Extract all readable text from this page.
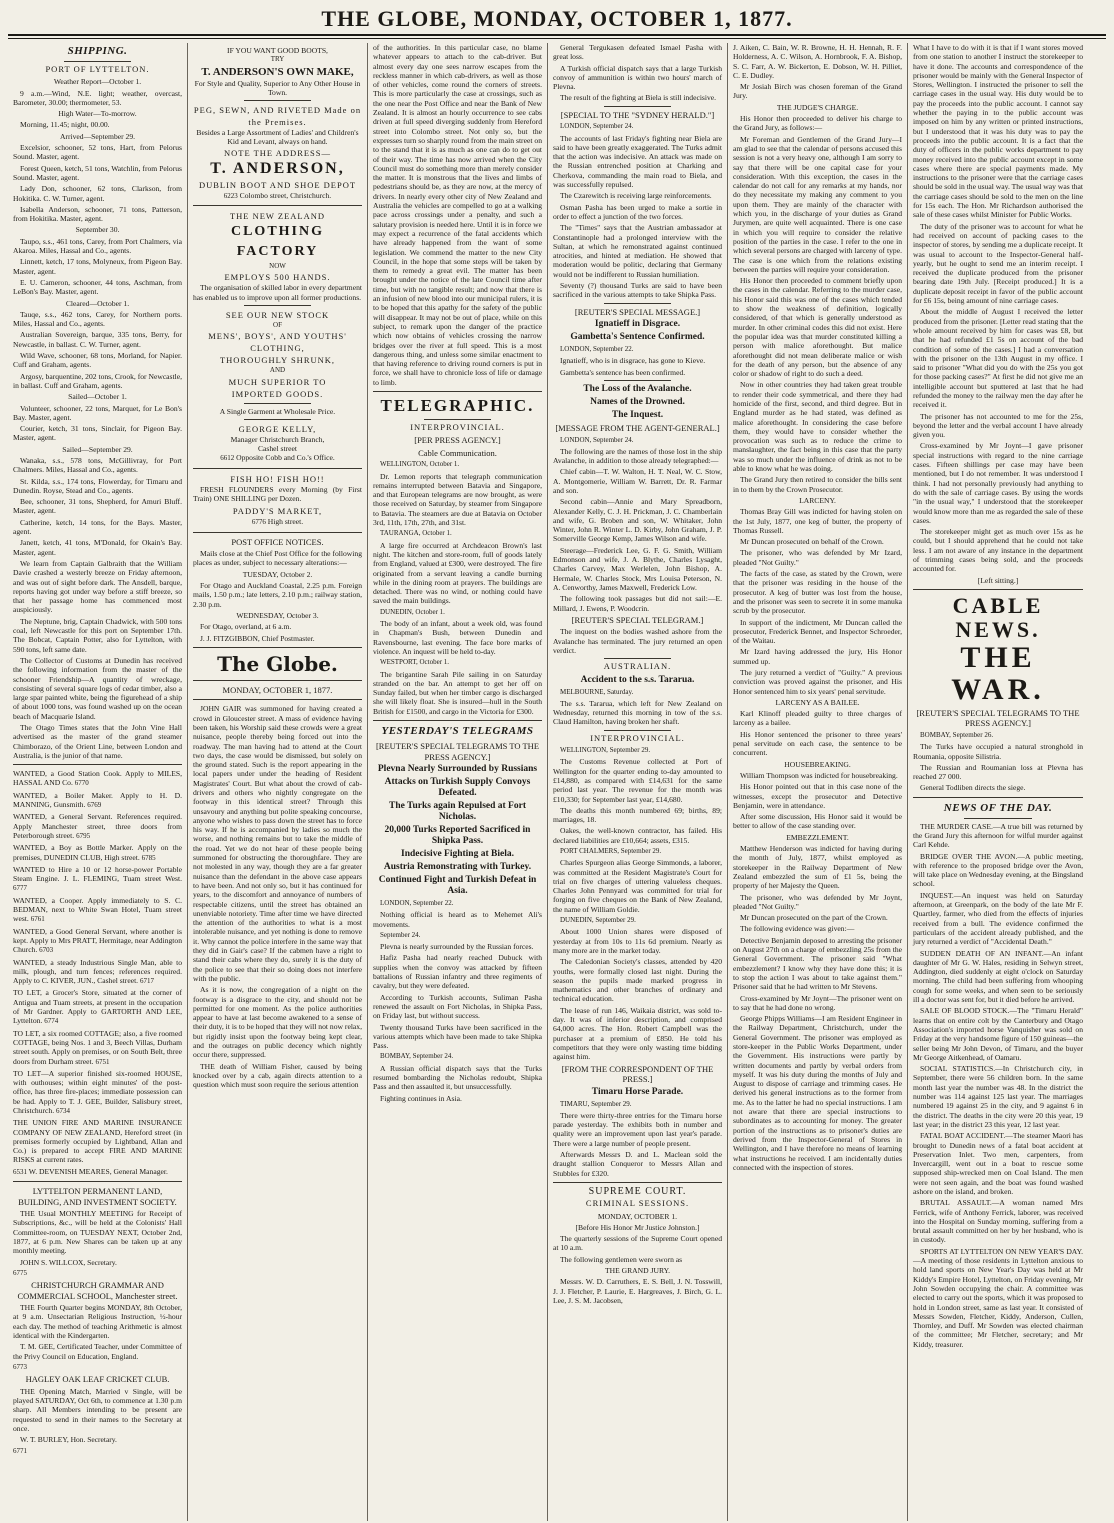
THE GLOBE, MONDAY, OCTOBER 1, 1877.
SHIPPING.
PORT OF LYTTELTON.

Weather Report—October 1.

9 a.m.—Wind, N.E. light; weather, overcast, Barometer, 30.00; thermometer, 53.

High Water—To-morrow.

Morning, 11.45; night, 00.00.

Arrived—September 29.

Excelsior, schooner, 52 tons, Hart, from Pelorus Sound. Master, agent.

Forest Queen, ketch, 51 tons, Watchlin, from Pelorus Sound. Master, agent.

Lady Don, schooner, 62 tons, Clarkson, from Hokitika. C. W. Turner, agent.

Isabella Anderson, schooner, 71 tons, Patterson, from Hokitika. Master, agent.

September 30.

Taupo, s.s., 461 tons, Carey, from Port Chalmers, via Akaroa. Miles, Hassal and Co., agents.

Linnett, ketch, 17 tons, Molyneux, from Pigeon Bay. Master, agent.

E. U. Cameron, schooner, 44 tons, Aschman, from LeBon's Bay. Master, agent.

Cleared—October 1.

Tauqe, s.s., 462 tons, Carey, for Northern ports. Miles, Hassal and Co., agents.

Australian Sovereign, barque, 335 tons, Berry, for Newcastle, in ballast. C. W. Turner, agent.

Wild Wave, schooner, 68 tons, Morland, for Napier. Cuff and Graham, agents.

Argosy, barquentine, 202 tons, Crook, for Newcastle, in ballast. Cuff and Graham, agents.

Sailed—October 1.

Volunteer, schooner, 22 tons, Marquet, for Le Bon's Bay. Master, agent.

Courier, ketch, 31 tons, Sinclair, for Pigeon Bay. Master, agent.

Sailed—September 29.

Wanaka, s.s., 578 tons, McGillivray, for Port Chalmers. Miles, Hassal and Co., agents.

St. Kilda, s.s., 174 tons, Flowerday, for Timaru and Dunedin. Royse, Stead and Co., agents.

Bee, schooner, 31 tons, Shepherd, for Amuri Bluff. Master, agent.

Catherine, ketch, 14 tons, for the Bays. Master, agent.

Janett, ketch, 41 tons, M'Donald, for Okain's Bay. Master, agent.

We learn from Captain Galbraith that the William Davie crashed a westerly breeze on Friday afternoon, and was out of sight before dark. The Ansdell, barque, reports having got under way before a stiff breeze, so that her passage home has commenced most auspiciously.

The Neptune, brig, Captain Chadwick, with 500 tons coal, left Newcastle for this port on September 17th. The Bobcat, Captain Potter, also for Lyttelton, with 590 tons, left same date.

The Collector of Customs at Dunedin has received the following information from the master of the schooner Friendship—A quantity of wreckage, consisting of several square logs of cedar timber, also a large spar painted white, being the figurehead of a ship of about 1000 tons, was found washed up on the ocean beach of Macquarie Island.

The Otago Times states that the John Vine Hall advertised as the master of the grand steamer Chimborazo, of the Orient Line, between London and Australia, is the junior of that name.

WANTED, a Good Station Cook. Apply to MILES, HASSAL AND Co. 6770

WANTED, a Boiler Maker. Apply to H. D. MANNING, Gunsmith. 6769

WANTED, a General Servant. References required. Apply Manchester street, three doors from Peterborough street. 6795

WANTED, a Boy as Bottle Marker. Apply on the premises, DUNEDIN CLUB, High street. 6785

WANTED to Hire a 10 or 12 horse-power Portable Steam Engine. J. L. FLEMING, Tuam street West. 6777

WANTED, a Cooper. Apply immediately to S. C. BEDMAN, next to White Swan Hotel, Tuam street west. 6761

WANTED, a Good General Servant, where another is kept. Apply to Mrs PRATT, Hermitage, near Addington Church. 6703

WANTED, a steady Industrious Single Man, able to milk, plough, and turn fences; references required. Apply to C. KIVER, JUN., Cashel street. 6717

TO LET, a Grocer's Store, situated at the corner of Antigua and Tuam streets, at present in the occupation of Mr Gardner. Apply to GARTORTH AND LEE, Lyttelton. 6774

TO LET, a six roomed COTTAGE; also, a five roomed COTTAGE, being Nos. 1 and 3, Beech Villas, Durham street south. Apply on premises, or on South Belt, three doors from Durham street. 6751

TO LET—A superior finished six-roomed HOUSE, with outhouses; within eight minutes' of the post-office, has three fire-places; immediate possession can be had. Apply to T. J. GEE, Builder, Salisbury street, Christchurch. 6734

THE UNION FIRE AND MARINE INSURANCE COMPANY OF NEW ZEALAND, Hereford street (in premises formerly occupied by Lightband, Allan and Co.) is prepared to accept FIRE AND MARINE RISKS at current rates.

6531 W. DEVENISH MEARES, General Manager.

LYTTELTON PERMANENT LAND, BUILDING, AND INVESTMENT SOCIETY.

THE Usual MONTHLY MEETING for Receipt of Subscriptions, &c., will be held at the Colonists' Hall Committee-room, on TUESDAY NEXT, October 2nd, 1877, at 6 p.m. New Shares can be taken up at any monthly meeting.

JOHN S. WILLCOX, Secretary.

6775

CHRISTCHURCH GRAMMAR AND COMMERCIAL SCHOOL, Manchester street.

THE Fourth Quarter begins MONDAY, 8th October, at 9 a.m. Unsectarian Religious Instruction, ½-hour each day. The method of teaching Arithmetic is almost identical with the Kindergarten.

T. M. GEE, Certificated Teacher, under Committee of the Privy Council on Education, England.

6773

HAGLEY OAK LEAF CRICKET CLUB.

THE Opening Match, Married v Single, will be played SATURDAY, Oct 6th, to commence at 1.30 p.m sharp. All Members intending to be present are requested to send in their names to the Secretary at once.

W. T. BURLEY, Hon. Secretary.

6771

IF YOU WANT GOOD BOOTS,
TRY
T. ANDERSON'S OWN MAKE,
For Style and Quality, Superior to Any Other House in Town.
PEG, SEWN, AND RIVETED Made on the Premises.
Besides a Large Assortment of Ladies' and Children's Kid and Levant, always on hand.
NOTE THE ADDRESS—
T. ANDERSON,
DUBLIN BOOT AND SHOE DEPOT
6223 Colombo street, Christchurch.
THE NEW ZEALAND
CLOTHING FACTORY
NOW
EMPLOYS 500 HANDS.

The organisation of skilled labor in every department has enabled us to improve upon all former productions.

SEE OUR NEW STOCK
OF
MENS', BOYS', AND YOUTHS'
CLOTHING,
THOROUGHLY SHRUNK,
AND
MUCH SUPERIOR TO
IMPORTED GOODS.
A Single Garment at Wholesale Price.
GEORGE KELLY,
Manager Christchurch Branch,
Cashel street
6612 Opposite Cobb and Co.'s Office.
FISH HO! FISH HO!!

FRESH FLOUNDERS every Morning (by First Train) ONE SHILLING per Dozen.

PADDY'S MARKET,
6776 High street.
POST OFFICE NOTICES.

Mails close at the Chief Post Office for the following places as under, subject to necessary alterations:—

TUESDAY, October 2.

For Otago and Auckland Coastal, 2.25 p.m. Foreign mails, 1.50 p.m.; late letters, 2.10 p.m.; railway station, 2.30 p.m.

WEDNESDAY, October 3.

For Otago, overland, at 6 a.m.

J. J. FITZGIBBON, Chief Postmaster.

The Globe.
MONDAY, OCTOBER 1, 1877.

JOHN GAIR was summoned for having created a crowd in Gloucester street. A mass of evidence having been taken, his Worship said these crowds were a great nuisance, people thereby being forced out into the roadway. The man having had to attend at the Court two days, the case would be dismissed, but solely on the ground stated. Such is the report appearing in the local papers under under the heading of Resident Magistrates' Court. But what about the crowd of cab-drivers and others who nightly congregate on the footway in this identical street? Through this unsavoury and anything but polite speaking concourse, anyone who wishes to pass down the street has to force his way. If he is accompanied by ladies so much the worse, and nothing remains but to take the middle of the road. Yet we do not hear of these people being summoned for obstructing the thoroughfare. They are not molested in any way, though they are a far greater nuisance than the defendant in the above case appears to have been. And not only so, but it has continued for years, to the discomfort and annoyance of numbers of respectable citizens, until the street has obtained an unenviable notoriety. Time after time we have directed the attention of the authorities to what is a most intolerable nuisance, and yet nothing is done to remove it. Why cannot the police interfere in the same way that they did in Gair's case? If the cabmen have a right to stand their cabs where they do, surely it is the duty of the police to see that their so doing does not interfere with the public.

As it is now, the congregation of a night on the footway is a disgrace to the city, and should not be permitted for one moment. As the police authorities appear to have at last become awakened to a sense of their duty, it is to be hoped that they will not now relax, but rigidly insist upon the footway being kept clear, and the outrages on public decency which nightly occur there, suppressed.

THE death of William Fisher, caused by being knocked over by a cab, again directs attention to a question which must soon require the serious attention

of the authorities. In this particular case, no blame whatever appears to attach to the cab-driver. But almost every day one sees narrow escapes from the reckless manner in which cab-drivers, as well as those of other vehicles, come round the corners of streets. This is more particularly the case at crossings, such as the one near the Post Office and near the Bank of New Zealand. It is almost an hourly occurrence to see cabs driven at full speed diverging suddenly from Hereford street into Colombo street. Not only so, but the expresses turn so sharply round from the main street on to the stand that it is as much as one can do to get out of their way. The time has now arrived when the City Council must do something more than merely consider the matter. It is monstrous that the lives and limbs of pedestrians should be, as they are now, at the mercy of drivers. In nearly every other city of New Zealand and Australia the vehicles are compelled to go at a walking pace across crossings under a penalty, and such a salutary provision is needed here. Until it is in force we may expect a recurrence of the fatal accidents which have already happened from the want of some legislation. We commend the matter to the new City Council, in the hope that some steps will be taken by them to remedy a great evil. The matter has been brought under the notice of the late Council time after time, but with no tangible result; and now that there is an infusion of new blood into our municipal rulers, it is to be hoped that this apathy for the safety of the public will disappear. It may not be out of place, while on this subject, to remark upon the danger of the practice which now obtains of vehicles crossing the narrow bridges over the river at full speed. This is a most dangerous thing, and unless some similar enactment to that having reference to driving round corners is put in force, we shall have to chronicle loss of life or damage to limb.

TELEGRAPHIC.
INTERPROVINCIAL.
[PER PRESS AGENCY.]
Cable Communication.

WELLINGTON, October 1.

Dr. Lemon reports that telegraph communication remains interrupted between Batavia and Singapore, and that European telegrams are now brought, as were those received on Saturday, by steamer from Singapore to Batavia. The steamers are due at Batavia on October 3rd, 11th, 17th, 27th, and 31st.

TAURANGA, October 1.

A large fire occurred at Archdeacon Brown's last night. The kitchen and store-room, full of goods lately from England, valued at £300, were destroyed. The fire originated from a servant leaving a candle burning while in the dining room at prayers. The buildings are detached. There was no wind, or nothing could have saved the main buildings.

DUNEDIN, October 1.

The body of an infant, about a week old, was found in Chapman's Bush, between Dunedin and Ravensbourne, last evening. The face bore marks of violence. An inquest will be held to-day.

WESTPORT, October 1.

The brigantine Sarah Pile sailing in on Saturday stranded on the bar. An attempt to get her off on Sunday failed, but when her timber cargo is discharged she will likely float. She is insured—hull in the South British for £1500, and cargo in the Victoria for £300.

YESTERDAY'S TELEGRAMS
[REUTER'S SPECIAL TELEGRAMS TO THE PRESS AGENCY.]
Plevna Nearly Surrounded by Russians
Attacks on Turkish Supply Convoys Defeated.
The Turks again Repulsed at Fort Nicholas.
20,000 Turks Reported Sacrificed in Shipka Pass.
Indecisive Fighting at Biela.
Austria Remonstrating with Turkey.
Continued Fight and Turkish Defeat in Asia.

LONDON, September 22.

Nothing official is heard as to Mehemet Ali's movements.

September 24.

Plevna is nearly surrounded by the Russian forces.

Hafiz Pasha had nearly reached Dubuck with supplies when the convoy was attacked by fifteen battalions of Russian infantry and three regiments of cavalry, but they were defeated.

According to Turkish accounts, Suliman Pasha renewed the assault on Fort Nicholas, in Shipka Pass, on Friday last, but without success.

Twenty thousand Turks have been sacrificed in the various attempts which have been made to take Shipka Pass.

BOMBAY, September 24.

A Russian official dispatch says that the Turks resumed bombarding the Nicholas redoubt, Shipka Pass and then assaulted it, but unsuccessfully.

Fighting continues in Asia.

General Tergukasen defeated Ismael Pasha with great loss.

A Turkish official dispatch says that a large Turkish convoy of ammunition is within two hours' march of Plevna.

The result of the fighting at Biela is still indecisive.

[SPECIAL TO THE "SYDNEY HERALD."]

LONDON, September 24.

The accounts of last Friday's fighting near Biela are said to have been greatly exaggerated. The Turks admit that the action was indecisive. An attack was made on the Russian entrenched position at Charking and Cherkova, commanding the main road to Biela, and was successfully repulsed.

The Czarewitch is receiving large reinforcements.

Osman Pasha has been urged to make a sortie in order to effect a junction of the two forces.

The "Times" says that the Austrian ambassador at Constantinople had a prolonged interview with the Sultan, at which he remonstrated against continued atrocities, and hinted at mediation. He showed that moderation would be politic, declaring that Germany would not be indifferent to Russian humiliation.

Seventy (?) thousand Turks are said to have been sacrificed in the various attempts to take Shipka Pass.

[REUTER'S SPECIAL MESSAGE.]
Ignatieff in Disgrace.
Gambetta's Sentence Confirmed.

LONDON, September 22.

Ignatieff, who is in disgrace, has gone to Kieve.

Gambetta's sentence has been confirmed.

The Loss of the Avalanche.
Names of the Drowned.
The Inquest.
[MESSAGE FROM THE AGENT-GENERAL.]

LONDON, September 24.

The following are the names of those lost in the ship Avalanche, in addition to those already telegraphed:—

Chief cabin—T. W. Walton, H. T. Neal, W. C. Stow, A. Montgomerie, William W. Barrett, Dr. R. Farmar and son.

Second cabin—Annie and Mary Spreadborn, Alexander Kelly, C. J. H. Prickman, J. C. Chamberlain and wife, G. Broben and son, W. Whitaker, John Winter, John R. Winter L. D. Kirby, John Graham, J. P. Somerville George Kemp, James Wilson and wife.

Steerage—Frederick Lee, G. F. G. Smith, William Edmonson and wife, J. A. Blythe, Charles Lysaght, Charles Carvey, Max Werlelen, John Bishop, A. Hermale, W. Charles Stock, Mrs Louisa Peterson, N. A. Cenworthy, James Maxwell, Frederick Low.

The following took passages but did not sail:—E. Millard, J. Ewens, P. Woodcrin.

[REUTER'S SPECIAL TELEGRAM.]

The inquest on the bodies washed ashore from the Avalanche has terminated. The jury returned an open verdict.

AUSTRALIAN.
Accident to the s.s. Tararua.

MELBOURNE, Saturday.

The s.s. Tararua, which left for New Zealand on Wednesday, returned this morning in tow of the s.s. Claud Hamilton, having broken her shaft.

INTERPROVINCIAL.

WELLINGTON, September 29.

The Customs Revenue collected at Port of Wellington for the quarter ending to-day amounted to £14,880, as compared with £14,631 for the same period last year. The revenue for the month was £10,330; for September last year, £14,680.

The deaths this month numbered 69; births, 89; marriages, 18.

Oakes, the well-known contractor, has failed. His declared liabilities are £10,664; assets, £315.

PORT CHALMERS, September 29.

Charles Spurgeon alias George Simmonds, a laborer, was committed at the Resident Magistrate's Court for trial on five charges of uttering valueless cheques. Charles John Pennyard was committed for trial for forging on five cheques on the Bank of New Zealand, the name of William Goldie.

DUNEDIN, September 29.

About 1000 Union shares were disposed of yesterday at from 10s to 11s 6d premium. Nearly as many more are in the market today.

The Caledonian Society's classes, attended by 420 youths, were formally closed last night. During the season the pupils made marked progress in mathematics and other branches of ordinary and technical education.

The lease of run 146, Waikaia district, was sold to-day. It was of inferior description, and comprised 64,000 acres. The Hon. Robert Campbell was the purchaser at a premium of £850. He told his competitors that they were only wasting time bidding against him.

[FROM THE CORRESPONDENT OF THE PRESS.]
Timaru Horse Parade.

TIMARU, September 29.

There were thirty-three entries for the Timaru horse parade yesterday. The exhibits both in number and quality were an improvement upon last year's parade. There were a large number of people present.

Afterwards Messrs D. and L. Maclean sold the draught stallion Conqueror to Messrs Allan and Stubbles for £320.

SUPREME COURT.
CRIMINAL SESSIONS.

MONDAY, OCTOBER 1.

[Before His Honor Mr Justice Johnston.]

The quarterly sessions of the Supreme Court opened at 10 a.m.

The following gentlemen were sworn as

THE GRAND JURY.

Messrs. W. D. Carruthers, E. S. Bell, J. N. Tosswill, J. J. Fletcher, P. Laurie, E. Hargreaves, J. Birch, G. L. Lee, J. S. M. Jacobsen,

J. Aiken, C. Bain, W. R. Browne, H. H. Hennah, R. F. Holderness, A. C. Wilson, A. Hornbrook, F. A. Bishop, S. C. Farr, A. W. Bickerton, E. Dobson, W. H. Pilliet, C. E. Dudley.

Mr Josiah Birch was chosen foreman of the Grand Jury.

THE JUDGE'S CHARGE.

His Honor then proceeded to deliver his charge to the Grand Jury, as follows:—

Mr Foreman and Gentlemen of the Grand Jury—I am glad to see that the calendar of persons accused this session is not a very heavy one, although I am sorry to say that there will be one capital case for your consideration. With this exception, the cases in the calendar do not call for any remarks at my hands, nor do they necessitate my making any comment to you upon them. They are mainly of the character with which you, in the discharge of your duties as Grand Jurymen, are quite well acquainted. There is one case in which you will require to consider the relative position of the parties in the case. I refer to the one in which several persons are charged with larceny of type. The case is one which from the relations existing between the parties will require your consideration.

His Honor then proceeded to comment briefly upon the cases in the calendar. Referring to the murder case, his Honor said this was one of the cases which tended to show the weakness of definition, logically considered, of that which is generally understood as murder. In other criminal codes this did not exist. Here the popular idea was that murder constituted killing a person with malice aforethought. But malice aforethought did not mean deliberate malice or wish for the death of any person, but the absence of any color or shadow of right to do such a deed.

Now in other countries they had taken great trouble to render their code symmetrical, and there they had homicide of the first, second, and third degree. But in England murder as he had stated, was defined as malice aforethought. In considering the case before them, they would have to consider whether the provocation was such as to reduce the crime to manslaughter, the fact being in this case that the party was so much under the influence of drink as not to be able to know what he was doing.

The Grand Jury then retired to consider the bills sent in to them by the Crown Prosecutor.

LARCENY.

Thomas Bray Gill was indicted for having stolen on the 1st July, 1877, one keg of butter, the property of Thomas Russell.

Mr Duncan prosecuted on behalf of the Crown.

The prisoner, who was defended by Mr Izard, pleaded "Not Guilty."

The facts of the case, as stated by the Crown, were that the prisoner was residing in the house of the prosecutor. A keg of butter was lost from the house, and the prisoner was seen to secrete it in some manuka scrub by the prosecutor.

In support of the indictment, Mr Duncan called the prosecutor, Frederick Bennet, and Inspector Schroeder, of the Waitau.

Mr Izard having addressed the jury, His Honor summed up.

The jury returned a verdict of "Guilty." A previous conviction was proved against the prisoner, and His Honor sentenced him to six years' penal servitude.

LARCENY AS A BAILEE.

Karl Klinoff pleaded guilty to three charges of larceny as a bailee.

His Honor sentenced the prisoner to three years' penal servitude on each case, the sentence to be concurrent.

HOUSEBREAKING.

William Thompson was indicted for housebreaking.

His Honor pointed out that in this case none of the witnesses, except the prosecutor and Detective Benjamin, were in attendance.

After some discussion, His Honor said it would be better to allow of the case standing over.

EMBEZZLEMENT.

Matthew Henderson was indicted for having during the month of July, 1877, whilst employed as storekeeper in the Railway Department of New Zealand embezzled the sum of £1 5s, being the property of her Majesty the Queen.

The prisoner, who was defended by Mr Joynt, pleaded "Not Guilty."

Mr Duncan prosecuted on the part of the Crown.

The following evidence was given:—

Detective Benjamin deposed to arresting the prisoner on August 27th on a charge of embezzling 25s from the General Government. The prisoner said "What embezzlement? I know why they have done this; it is to stop the action I was about to take against them." Prisoner said that he had written to Mr Stevens.

Cross-examined by Mr Joynt—The prisoner went on to say that he had done no wrong.

George Phipps Williams—I am Resident Engineer in the Railway Department, Christchurch, under the General Government. The prisoner was employed as store-keeper in the Public Works Department, under the Government. His instructions were partly by written documents and partly by verbal orders from myself. It was his duty during the months of July and August to dispose of carriage and trimming cases. He derived his general instructions as to the former from me. As to the latter he had no special instructions. I am not aware that there are special instructions to subordinates as to accounting for money. The greater portion of the instructions as to prisoner's duties are derived from the Inspector-General of Stores in Wellington, and I have therefore no means of learning what instructions he received. I am incidentally duties connected with the inspection of stores.

What I have to do with it is that if I want stores moved from one station to another I instruct the storekeeper to have it done. The accounts and correspondence of the prisoner would be mainly with the General Inspector of Stores, Wellington. I instructed the prisoner to sell the carriage cases in the usual way. His duty would be to pay the proceeds into the public account. I cannot say whether the paying in to the public account was imposed on him by any written or printed instructions, but I understood that it was his duty was to pay the proceeds into the public account. It is a fact that the duty of officers in the public works department to pay money received into the public account except in some cases where there are special payments made. My instructions to the prisoner were that the carriage cases should be sold in the usual way. The usual way was that the carriage cases should be sold to the men on the line for 15s each. The Hon. Mr Richardson authorised the sale of these cases whilst Minister for Public Works.

The duty of the prisoner was to account for what he had received on account of packing cases to the inspector of stores, by sending me a duplicate receipt. It was usual to account to the Inspector-General half-yearly, but he ought to send me an interim receipt. I received the duplicate produced from the prisoner bearing date 19th July. [Receipt produced.] It is a duplicate deposit receipt in favor of the public account for £6 15s, being amount of nine carriage cases.

About the middle of August I received the letter produced from the prisoner. [Letter read stating that the whole amount received by him for cases was £8, but that he had refunded £1 5s on account of the bad condition of some of the cases.] I had a conversation with the prisoner on the 13th August in my office. I said to prisoner "What did you do with the 25s you got for those packing cases?" At first he did not give me an intelligible account but sputtered at last that he had refunded the money to the railway men the day after he received it.

The prisoner has not accounted to me for the 25s, beyond the letter and the verbal account I have already given you.

Cross-examined by Mr Joynt—I gave prisoner special instructions with regard to the nine carriage cases. Fifteen shillings per case may have been mentioned, but I do not remember. It was understood I think. I had not personally previously had anything to do with the sale of carriage cases. By using the words "in the usual way," I understood that the storekeeper would know more than me as regarded the sale of these cases.

The storekeeper might get as much over 15s as he could, but I should apprehend that he could not take less. I am not aware of any instance in the department of trimming cases being sold, and the proceeds accounted for.

[Left sitting.]

CABLE NEWS.
THE WAR.
[REUTER'S SPECIAL TELEGRAMS TO THE PRESS AGENCY.]

BOMBAY, September 26.

The Turks have occupied a natural stronghold in Roumania, opposite Silistria.

The Russian and Roumanian loss at Plevna has reached 27 000.

General Todliben directs the siege.

NEWS OF THE DAY.

THE MURDER CASE.—A true bill was returned by the Grand Jury this afternoon for wilful murder against Carl Kehde.

BRIDGE OVER THE AVON.—A public meeting, with reference to the proposed bridge over the Avon, will take place on Wednesday evening, at the Bingsland school.

INQUEST.—An inquest was held on Saturday afternoon, at Greenpark, on the body of the late Mr F. Quartley, farmer, who died from the effects of injuries received from a bull. The evidence confirmed the particulars of the accident already published, and the jury returned a verdict of "Accidental Death."

SUDDEN DEATH OF AN INFANT.—An infant daughter of Mr G. W. Hales, residing in Selwyn street, Addington, died suddenly at eight o'clock on Saturday morning. The child had been suffering from whooping cough for some weeks, and when seen to be seriously ill a doctor was sent for, but it died before he arrived.

SALE OF BLOOD STOCK.—The "Timaru Herald" learns that on entire colt by the Canterbury and Otago Association's imported horse Vanquisher was sold on Friday at the very handsome figure of 150 guineas—the seller being Mr John Devon, of Timaru, and the buyer Mr George Aitkenhead, of Oamaru.

SOCIAL STATISTICS.—In Christchurch city, in September, there were 56 children born. In the same month last year the number was 48. In the district the number was 114 against 125 last year. The marriages numbered 19 against 25 in the city, and 9 against 6 in the district. The deaths in the city were 20 this year, 19 last year; in the district 23 this year, 12 last year.

FATAL BOAT ACCIDENT.—The steamer Maori has brought to Dunedin news of a fatal boat accident at Preservation Inlet. Two men, carpenters, from Invercargill, went out in a boat to rescue some supposed ship-wrecked men on Coal Island. The men were not seen again, and the boat was found washed ashore on the island, and broken.

BRUTAL ASSAULT.—A woman named Mrs Ferrick, wife of Anthony Ferrick, laborer, was received into the Hospital on Sunday morning, suffering from a brutal assault committed on her by her husband, who is in custody.

SPORTS AT LYTTELTON ON NEW YEAR'S DAY.—A meeting of those residents in Lyttelton anxious to hold land sports on New Year's Day was held at Mr Kiddy's Empire Hotel, Lyttelton, on Friday evening, Mr John Sowden occupying the chair. A committee was elected to carry out the sports, which it was proposed to hold in London street, same as last year. It consisted of Messrs Sowden, Fletcher, Kiddy, Anderson, Cullen, Thornley, and Duff. Mr Sowden was elected chairman of the committee; Mr Fletcher, secretary; and Mr Kiddy, treasurer.
